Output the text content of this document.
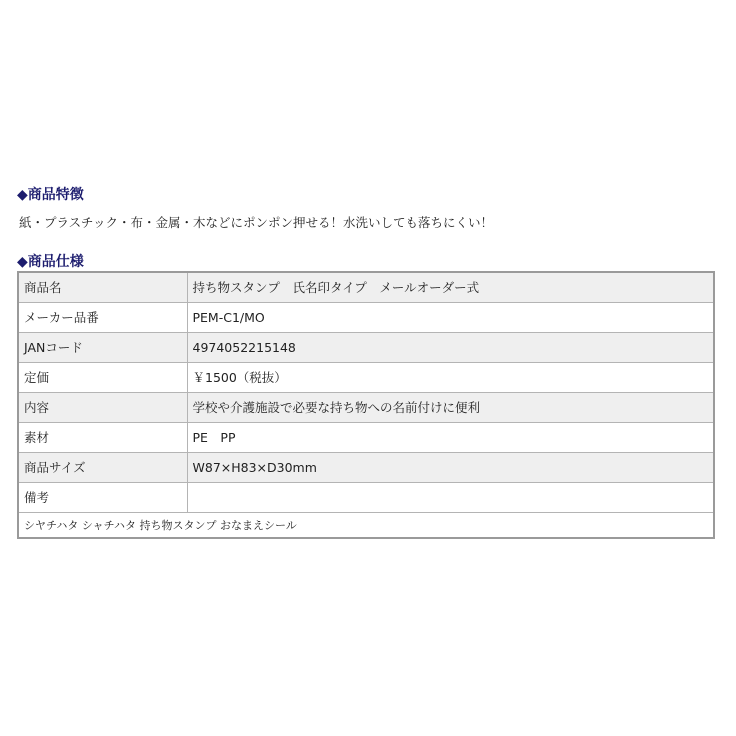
◆商品特徴
紙・プラスチック・布・金属・木などにポンポン押せる！水洗いしても落ちにくい！
◆商品仕様
商品名	持ち物スタンプ　氏名印タイプ　メールオーダー式
メーカー品番	PEM-C1/MO
JANコード	4974052215148
定価	￥1500（税抜）
内容	学校や介護施設で必要な持ち物への名前付けに便利
素材	PE　PP
商品サイズ	W87×H83×D30mm
備考	
シヤチハタ シャチハタ 持ち物スタンプ おなまえシール	
